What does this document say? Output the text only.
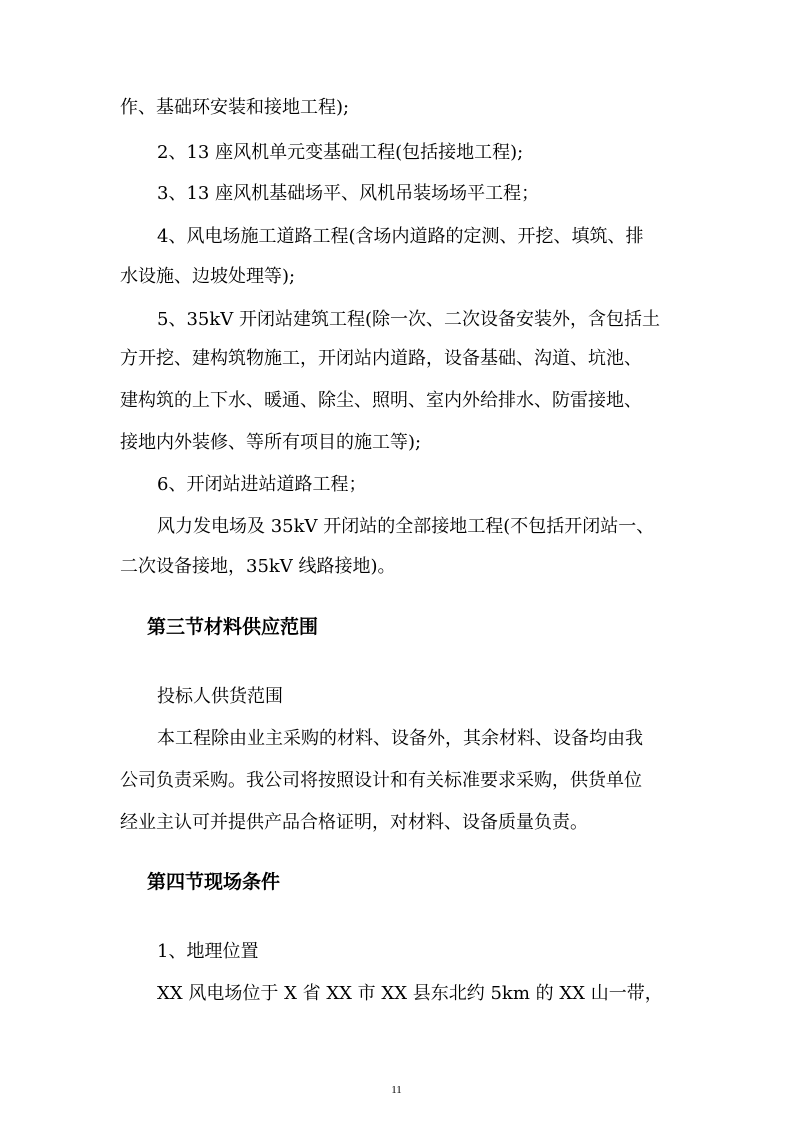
作、基础环安装和接地工程);
2、13 座风机单元变基础工程(包括接地工程);
3、13 座风机基础场平、风机吊装场场平工程；
4、风电场施工道路工程(含场内道路的定测、开挖、填筑、排
水设施、边坡处理等);
5、35kV 开闭站建筑工程(除一次、二次设备安装外，含包括土
方开挖、建构筑物施工，开闭站内道路，设备基础、沟道、坑池、
建构筑的上下水、暖通、除尘、照明、室内外给排水、防雷接地、
接地内外装修、等所有项目的施工等);
6、开闭站进站道路工程；
风力发电场及 35kV 开闭站的全部接地工程(不包括开闭站一、
二次设备接地，35kV 线路接地)。
第三节材料供应范围
投标人供货范围
本工程除由业主采购的材料、设备外，其余材料、设备均由我
公司负责采购。我公司将按照设计和有关标准要求采购，供货单位
经业主认可并提供产品合格证明，对材料、设备质量负责。
第四节现场条件
1、地理位置
XX 风电场位于 X 省 XX 市 XX 县东北约 5km 的 XX 山一带，
11
